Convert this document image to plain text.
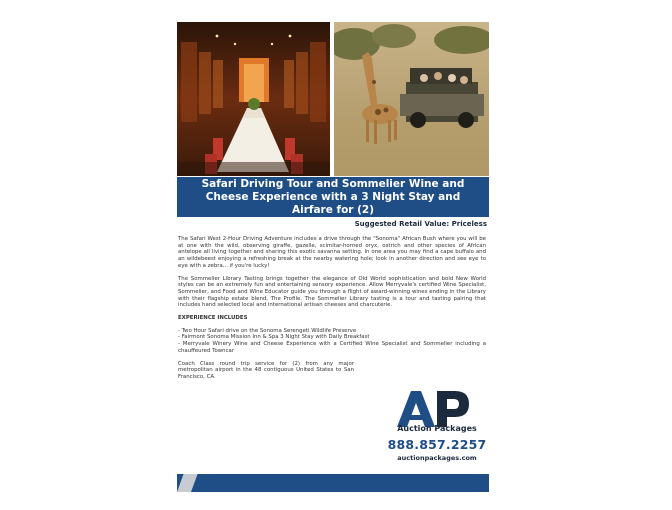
Safari Driving Tour and Sommelier Wine and Cheese Experience with a 3 Night Stay and Airfare for (2)
Suggested Retail Value: Priceless

The Safari West 2-Hour Driving Adventure includes a drive through the "Sonoma" African Bush where you will be at one with the wild, observing giraffe, gazelle, scimitar-horned oryx, ostrich and other species of African antelope all living together and sharing this exotic savanna setting. In one area you may find a cape buffalo and an wildebeest enjoying a refreshing break at the nearby watering hole; look in another direction and see eye to eye with a zebra... if you're lucky!

The Sommelier Library Tasting brings together the elegance of Old World sophistication and bold New World styles can be an extremely fun and entertaining sensory experience. Allow Merryvale's certified Wine Specialist, Sommelier, and Food and Wine Educator guide you through a flight of award-winning wines ending in the Library with their flagship estate blend, The Profile. The Sommelier Library tasting is a tour and tasting pairing that includes hand selected local and international artisan cheeses and charcuterie.

EXPERIENCE INCLUDES
- Two Hour Safari drive on the Sonoma Serengeti Wildlife Preserve
- Fairmont Sonoma Mission Inn & Spa 3 Night Stay with Daily Breakfast
- Merryvale Winery Wine and Cheese Experience with a Certified Wine Specialist and Sommelier including a chauffeured Towncar

Coach Class round trip service for (2) from any major metropolitan airport in the 48 contiguous United States to San Francisco, CA.

Auction Packages
888.857.2257
auctionpackages.com
